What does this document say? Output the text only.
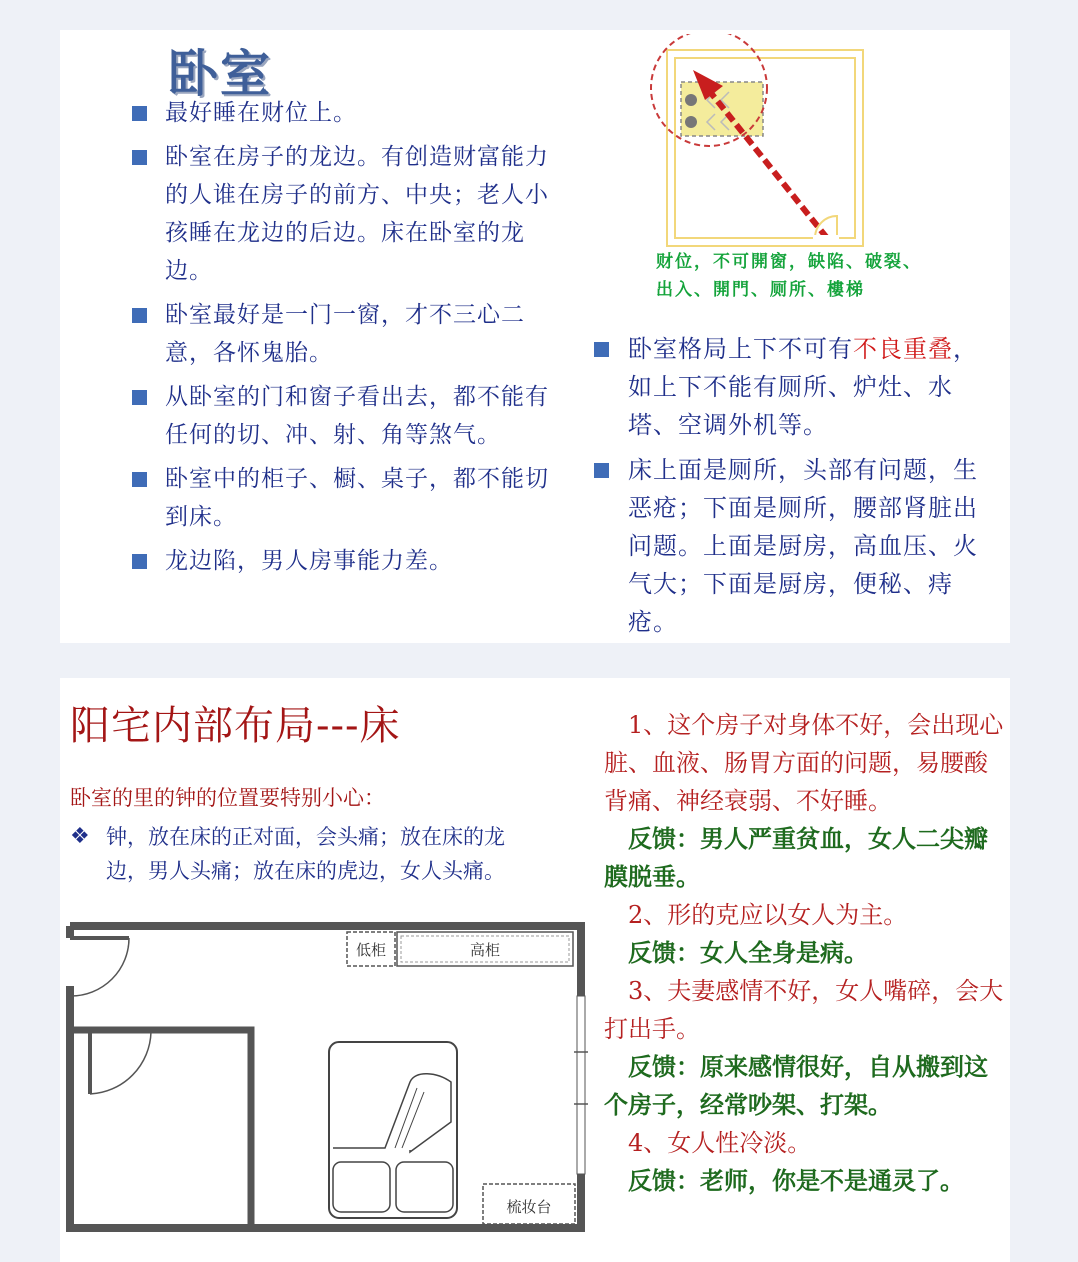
卧室
最好睡在财位上。
卧室在房子的龙边。有创造财富能力的人谁在房子的前方、中央；老人小孩睡在龙边的后边。床在卧室的龙边。
卧室最好是一门一窗，才不三心二意，各怀鬼胎。
从卧室的门和窗子看出去，都不能有任何的切、冲、射、角等煞气。
卧室中的柜子、橱、桌子，都不能切到床。
龙边陷，男人房事能力差。
财位，不可開窗，缺陷、破裂、出入、開門、厕所、樓梯
卧室格局上下不可有不良重叠，如上下不能有厕所、炉灶、水塔、空调外机等。
床上面是厕所，头部有问题，生恶疮；下面是厕所，腰部肾脏出问题。上面是厨房，高血压、火气大；下面是厨房，便秘、痔疮。
阳宅内部布局---床
卧室的里的钟的位置要特别小心：
❖ 钟，放在床的正对面，会头痛；放在床的龙边，男人头痛；放在床的虎边，女人头痛。
低柜	高柜
梳妆台

　1、这个房子对身体不好，会出现心脏、血液、肠胃方面的问题，易腰酸背痛、神经衰弱、不好睡。

　反馈：男人严重贫血，女人二尖瓣膜脱垂。

　2、形的克应以女人为主。

　反馈：女人全身是病。

　3、夫妻感情不好，女人嘴碎，会大打出手。

　反馈：原来感情很好，自从搬到这个房子，经常吵架、打架。

　4、女人性冷淡。

　反馈：老师，你是不是通灵了。
